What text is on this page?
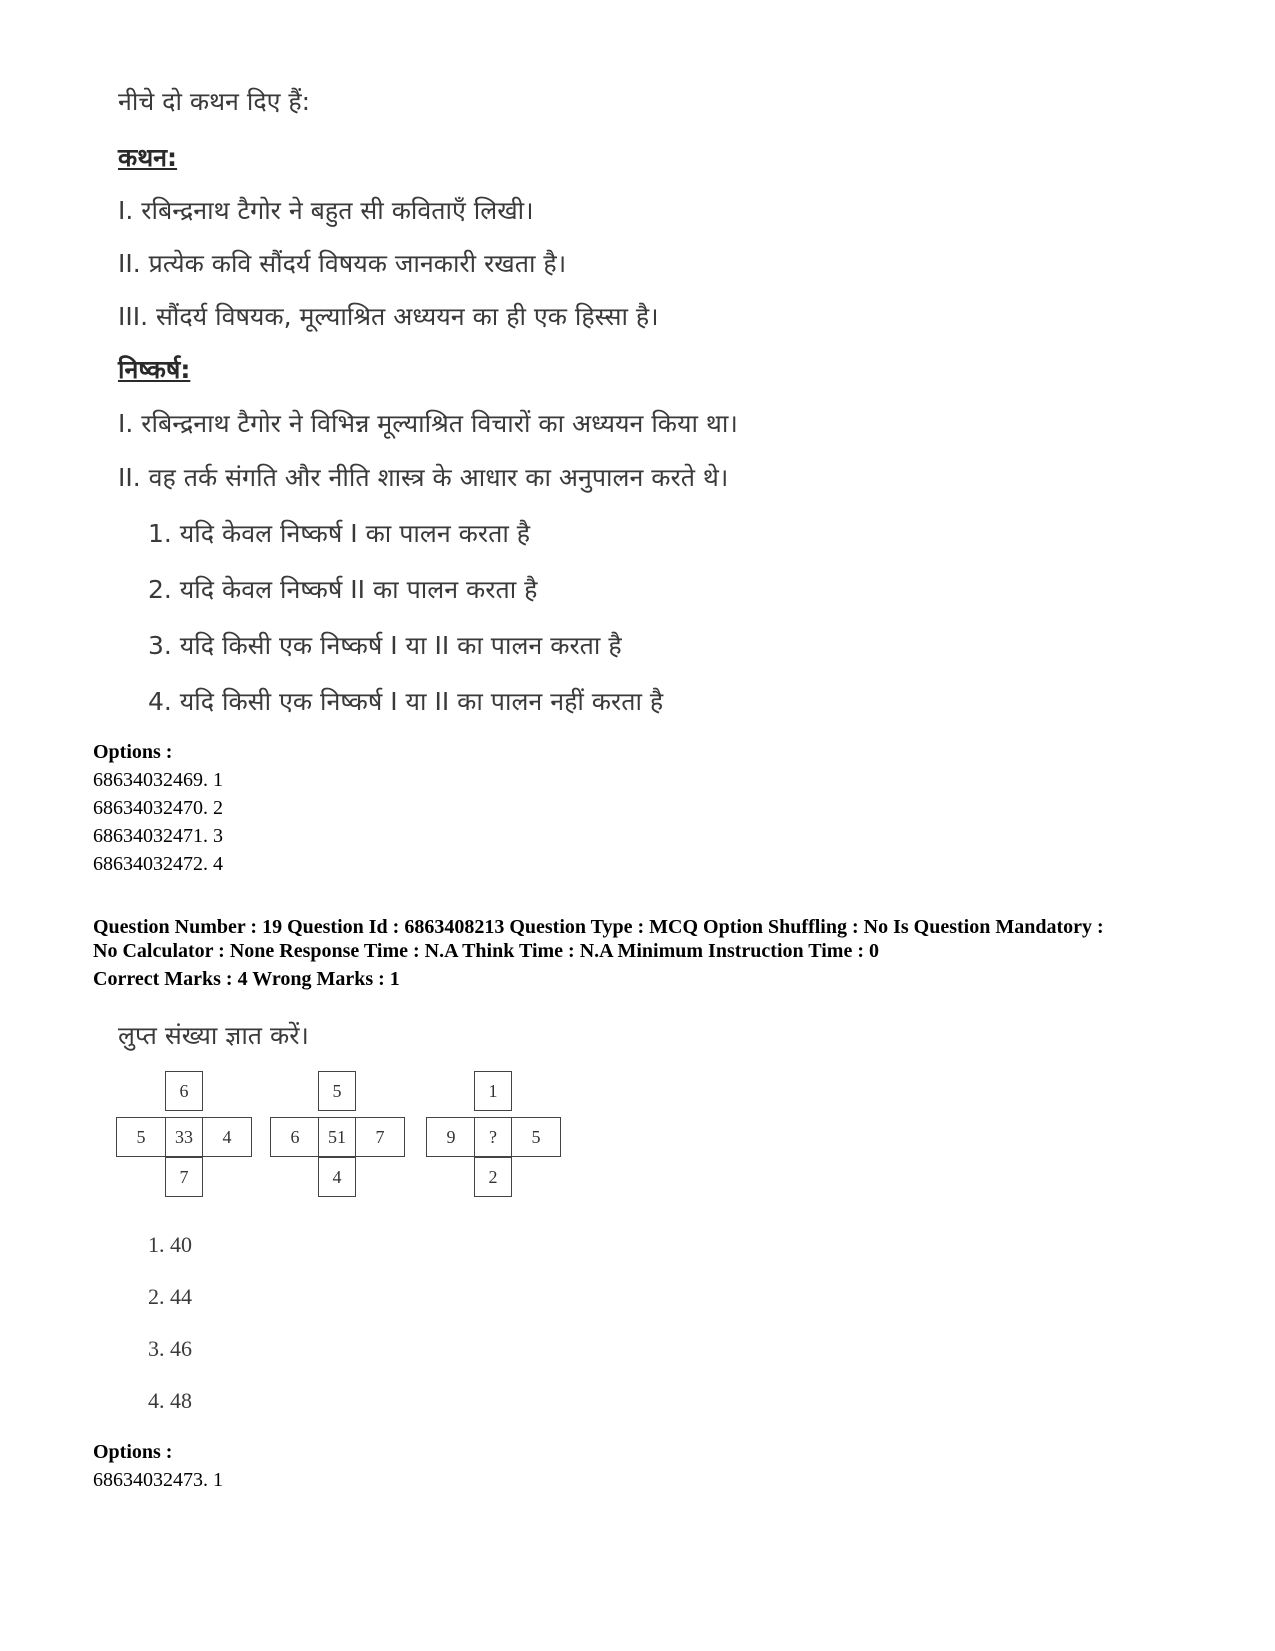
नीचे दो कथन दिए हैं:
कथन:
I. रबिन्द्रनाथ टैगोर ने बहुत सी कविताएँ लिखी।
II. प्रत्येक कवि सौंदर्य विषयक जानकारी रखता है।
III. सौंदर्य विषयक, मूल्याश्रित अध्ययन का ही एक हिस्सा है।
निष्कर्ष:
I. रबिन्द्रनाथ टैगोर ने विभिन्न मूल्याश्रित विचारों का अध्ययन किया था।
II. वह तर्क संगति और नीति शास्त्र के आधार का अनुपालन करते थे।
1. यदि केवल निष्कर्ष I का पालन करता है
2. यदि केवल निष्कर्ष II का पालन करता है
3. यदि किसी एक निष्कर्ष I या II का पालन करता है
4. यदि किसी एक निष्कर्ष I या II का पालन नहीं करता है
Options :
68634032469. 1
68634032470. 2
68634032471. 3
68634032472. 4
Question Number : 19 Question Id : 6863408213 Question Type : MCQ Option Shuffling : No Is Question Mandatory :
No Calculator : None Response Time : N.A Think Time : N.A Minimum Instruction Time : 0
Correct Marks : 4 Wrong Marks : 1
लुप्त संख्या ज्ञात करें।
6
5	33	4
7
5
6	51	7
4
1
9	?	5
2
1. 40
2. 44
3. 46
4. 48
Options :
68634032473. 1
